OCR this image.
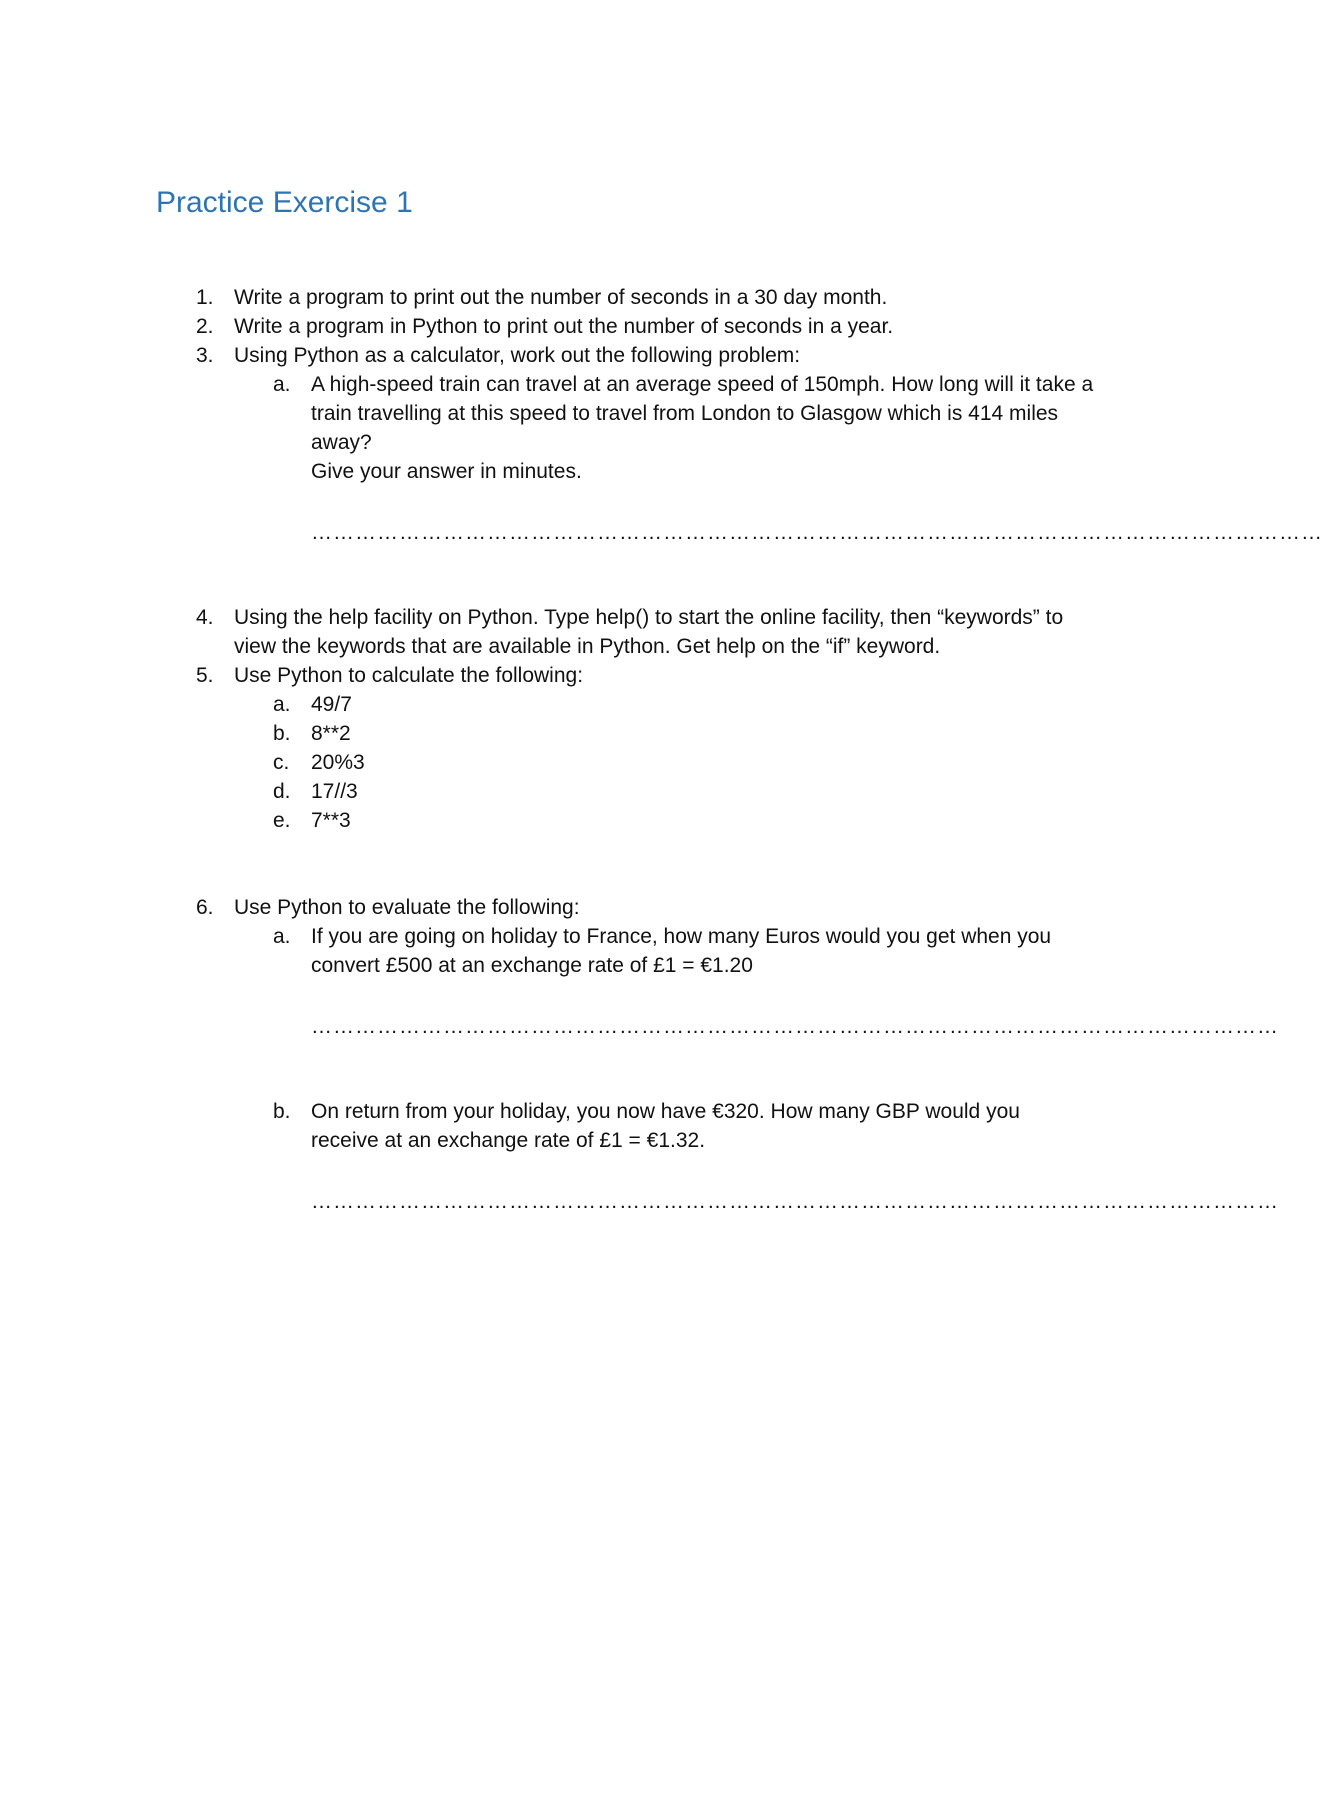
Practice Exercise 1
1. Write a program to print out the number of seconds in a 30 day month.
2. Write a program in Python to print out the number of seconds in a year.
3. Using Python as a calculator, work out the following problem:
a. A high-speed train can travel at an average speed of 150mph. How long will it take a
train travelling at this speed to travel from London to Glasgow which is 414 miles
away?
Give your answer in minutes.
…………………………………………………………………………………………………………………………
4. Using the help facility on Python. Type help() to start the online facility, then “keywords” to
view the keywords that are available in Python. Get help on the “if” keyword.
5. Use Python to calculate the following:
a. 49/7
b. 8**2
c.	20%3
d. 17//3
e. 7**3
6. Use Python to evaluate the following:
a. If you are going on holiday to France, how many Euros would you get when you
convert £500 at an exchange rate of £1 = €1.20
……………………………………………………………………………………………………………………
b. On return from your holiday, you now have €320. How many GBP would you
receive at an exchange rate of £1 = €1.32.
……………………………………………………………………………………………………………………
